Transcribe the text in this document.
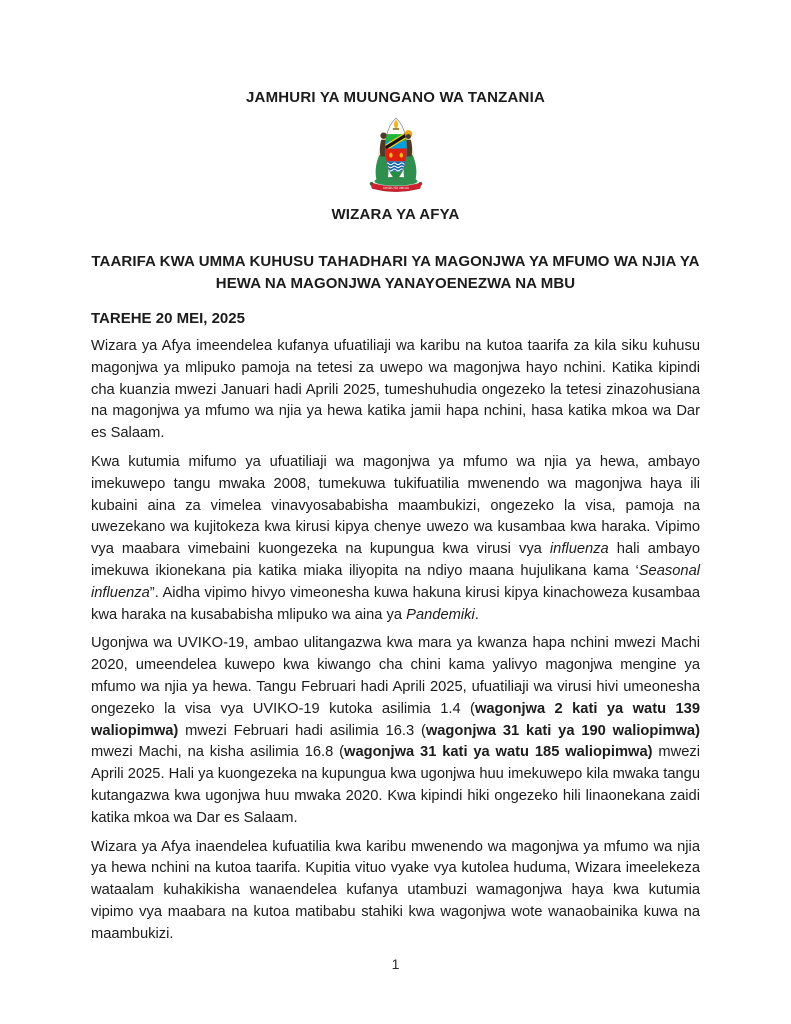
JAMHURI YA MUUNGANO WA TANZANIA

UHURU NA UMOJA

WIZARA YA AFYA

TAARIFA KWA UMMA KUHUSU TAHADHARI YA MAGONJWA YA MFUMO WA NJIA YA HEWA NA MAGONJWA YANAYOENEZWA NA MBU

TAREHE 20 MEI, 2025

Wizara ya Afya imeendelea kufanya ufuatiliaji wa karibu na kutoa taarifa za kila siku kuhusu magonjwa ya mlipuko pamoja na tetesi za uwepo wa magonjwa hayo nchini. Katika kipindi cha kuanzia mwezi Januari hadi Aprili 2025, tumeshuhudia ongezeko la tetesi zinazohusiana na magonjwa ya mfumo wa njia ya hewa katika jamii hapa nchini, hasa katika mkoa wa Dar es Salaam.

Kwa kutumia mifumo ya ufuatiliaji wa magonjwa ya mfumo wa njia ya hewa, ambayo imekuwepo tangu mwaka 2008, tumekuwa tukifuatilia mwenendo wa magonjwa haya ili kubaini aina za vimelea vinavyosababisha maambukizi, ongezeko la visa, pamoja na uwezekano wa kujitokeza kwa kirusi kipya chenye uwezo wa kusambaa kwa haraka. Vipimo vya maabara vimebaini kuongezeka na kupungua kwa virusi vya influenza hali ambayo imekuwa ikionekana pia katika miaka iliyopita na ndiyo maana hujulikana kama ‘Seasonal influenza”. Aidha vipimo hivyo vimeonesha kuwa hakuna kirusi kipya kinachoweza kusambaa kwa haraka na kusababisha mlipuko wa aina ya Pandemiki.

Ugonjwa wa UVIKO-19, ambao ulitangazwa kwa mara ya kwanza hapa nchini mwezi Machi 2020, umeendelea kuwepo kwa kiwango cha chini kama yalivyo magonjwa mengine ya mfumo wa njia ya hewa. Tangu Februari hadi Aprili 2025, ufuatiliaji wa virusi hivi umeonesha ongezeko la visa vya UVIKO-19 kutoka asilimia 1.4 (wagonjwa 2 kati ya watu 139 waliopimwa) mwezi Februari hadi asilimia 16.3 (wagonjwa 31 kati ya 190 waliopimwa) mwezi Machi, na kisha asilimia 16.8 (wagonjwa 31 kati ya watu 185 waliopimwa) mwezi Aprili 2025. Hali ya kuongezeka na kupungua kwa ugonjwa huu imekuwepo kila mwaka tangu kutangazwa kwa ugonjwa huu mwaka 2020. Kwa kipindi hiki ongezeko hili linaonekana zaidi katika mkoa wa Dar es Salaam.

Wizara ya Afya inaendelea kufuatilia kwa karibu mwenendo wa magonjwa ya mfumo wa njia ya hewa nchini na kutoa taarifa. Kupitia vituo vyake vya kutolea huduma, Wizara imeelekeza wataalam kuhakikisha wanaendelea kufanya utambuzi wamagonjwa haya kwa kutumia vipimo vya maabara na kutoa matibabu stahiki kwa wagonjwa wote wanaobainika kuwa na maambukizi.

1
